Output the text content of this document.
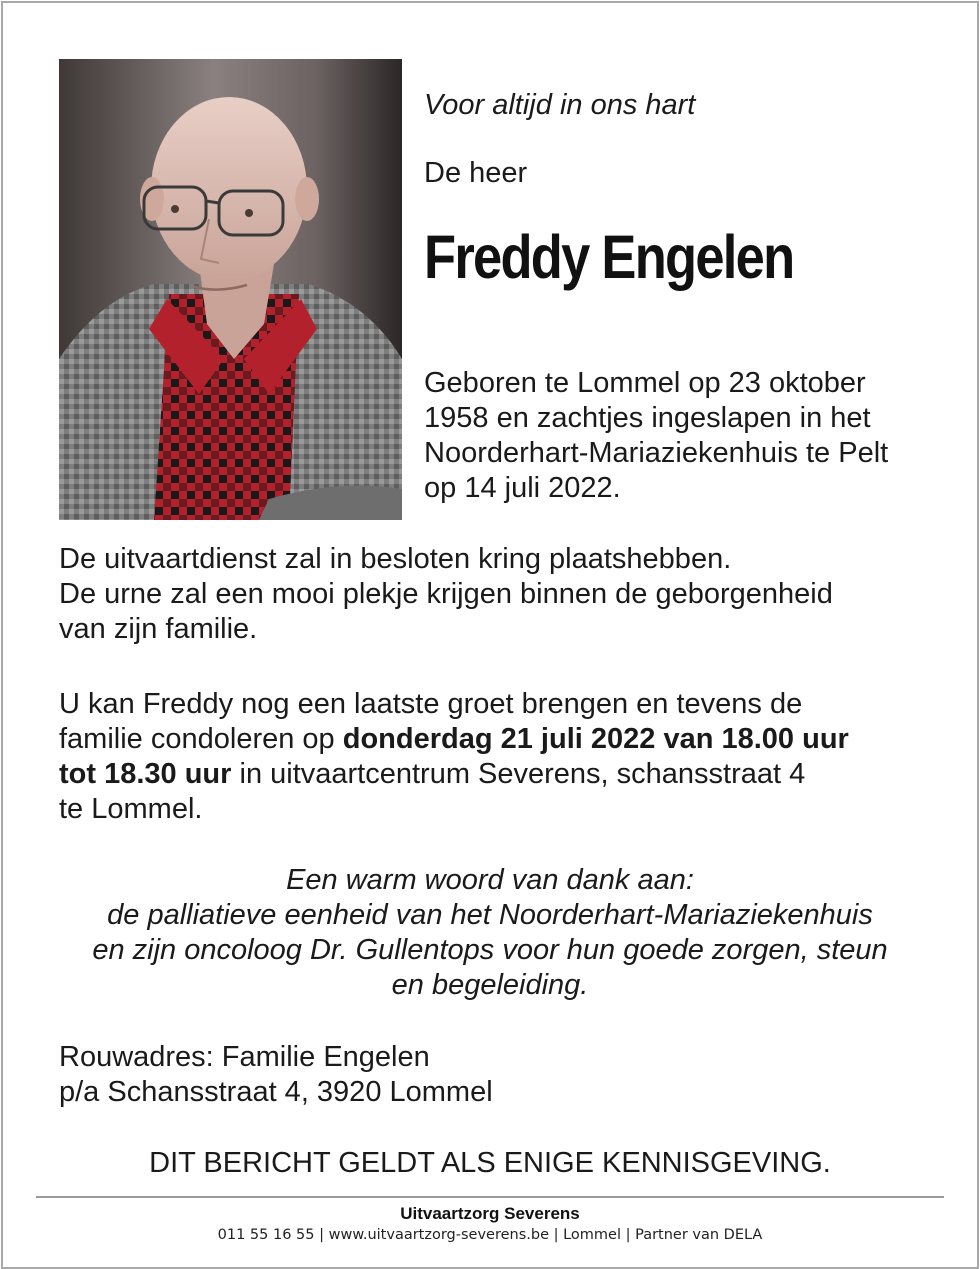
Voor altijd in ons hart
De heer
Freddy Engelen
Geboren te Lommel op 23 oktober
1958 en zachtjes ingeslapen in het
Noorderhart-Mariaziekenhuis te Pelt
op 14 juli 2022.
De uitvaartdienst zal in besloten kring plaatshebben.
De urne zal een mooi plekje krijgen binnen de geborgenheid
van zijn familie.
U kan Freddy nog een laatste groet brengen en tevens de
familie condoleren op donderdag 21 juli 2022 van 18.00 uur
tot 18.30 uur in uitvaartcentrum Severens, schansstraat 4
te Lommel.
Een warm woord van dank aan:
de palliatieve eenheid van het Noorderhart-Mariaziekenhuis
en zijn oncoloog Dr. Gullentops voor hun goede zorgen, steun
en begeleiding.
Rouwadres: Familie Engelen
p/a Schansstraat 4, 3920 Lommel
DIT BERICHT GELDT ALS ENIGE KENNISGEVING.
Uitvaartzorg Severens
011 55 16 55 | www.uitvaartzorg-severens.be | Lommel | Partner van DELA
